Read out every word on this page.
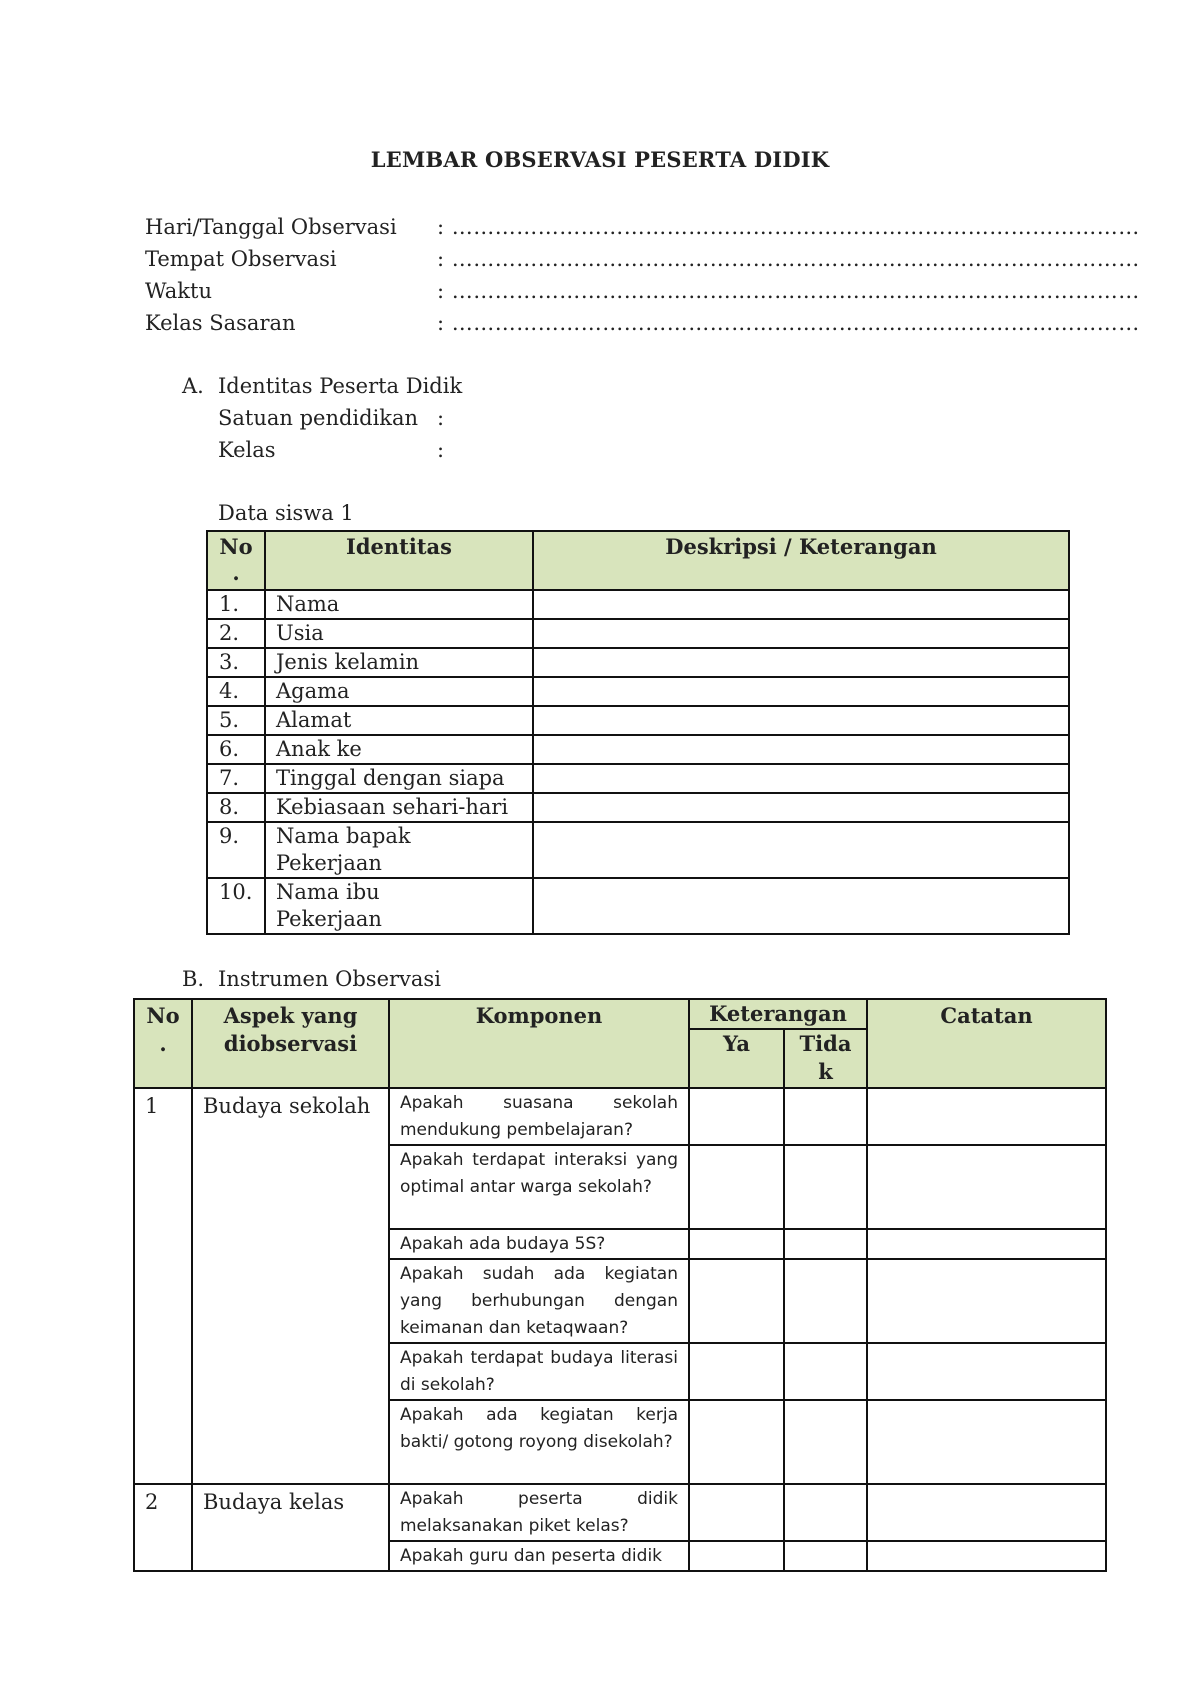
LEMBAR OBSERVASI PESERTA DIDIK
Hari/Tanggal Observasi : ……………………………………………………………………………………
Tempat Observasi	: ……………………………………………………………………………………
Waktu	: ……………………………………………………………………………………
Kelas Sasaran	: ……………………………………………………………………………………
A. Identitas Peserta Didik
Satuan pendidikan :
Kelas	:
Data siswa 1
No
.	Identitas	Deskripsi / Keterangan
1.	Nama	
2.	Usia	
3.	Jenis kelamin	
4.	Agama	
5.	Alamat	
6.	Anak ke	
7.	Tinggal dengan siapa	
8.	Kebiasaan sehari-hari	
9.	Nama bapak
Pekerjaan	

10.	Nama ibu
Pekerjaan	

B. Instrumen Observasi
No
.	Aspek yang diobservasi	Komponen	Keterangan		Catatan
			Ya	Tida
k	
1	Budaya sekolah	Apakah suasana sekolah mendukung pembelajaran?			
		Apakah terdapat interaksi yang optimal antar warga sekolah?			
		Apakah ada budaya 5S?			
		Apakah sudah ada kegiatan yang berhubungan dengan keimanan dan ketaqwaan?			
		Apakah terdapat budaya literasi di sekolah?			
		Apakah ada kegiatan kerja bakti/ gotong royong disekolah?			
2	Budaya kelas	Apakah peserta didik melaksanakan piket kelas?			
		Apakah guru dan peserta didik			
